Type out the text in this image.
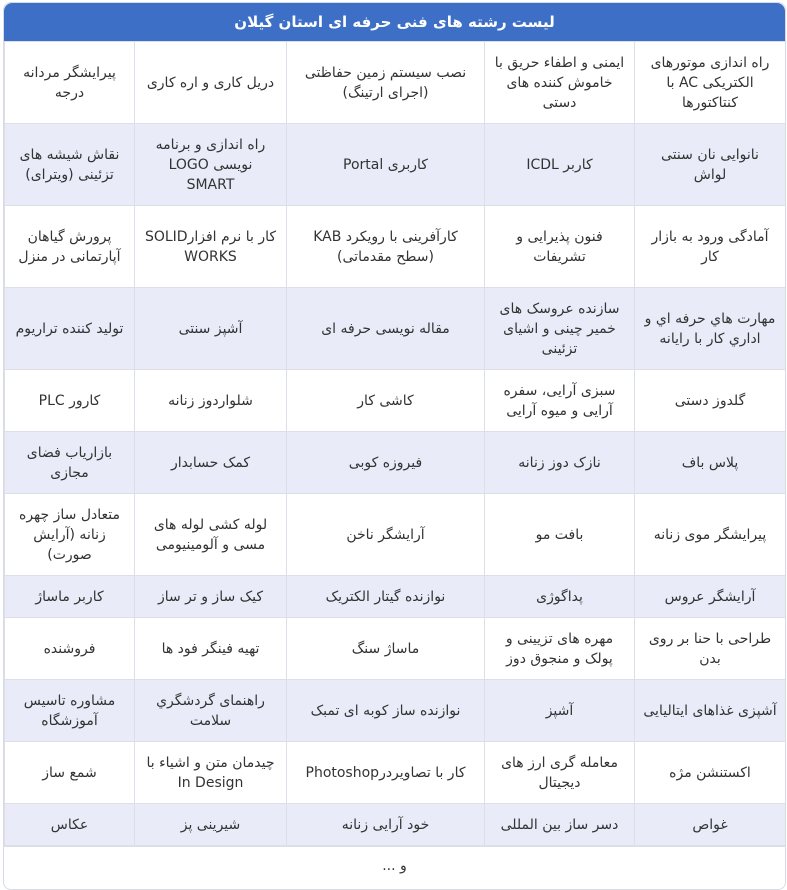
لیست رشته های فنی حرفه ای استان گیلان
راه اندازی موتورهای الکتریکی AC با کنتاکتورها	ایمنی و اطفاء حریق با خاموش کننده های دستی	نصب سیستم زمین حفاظتی (اجرای ارتینگ)	دریل کاری و اره کاری	پیرایشگر مردانه درجه
نانوایی نان سنتی لواش	کاربر ICDL	کاربری Portal	راه اندازی و برنامه نویسی LOGO SMART	نقاش شیشه های تزئینی (ویترای)
آمادگی ورود به بازار کار	فنون پذیرایی و تشریفات	کارآفرینی با رویکرد KAB (سطح مقدماتی)	کار با نرم افزارSOLID WORKS	پرورش گیاهان آپارتمانی در منزل
مهارت هاي حرفه اي و اداري كار با رايانه	سازنده عروسک های خمیر چینی و اشیای تزئینی	مقاله نویسی حرفه ای	آشپز سنتی	تولید کننده تراریوم
گلدوز دستی	سبزی آرایی، سفره آرایی و میوه آرایی	کاشی کار	شلواردوز زنانه	کارور PLC
پلاس باف	نازک دوز زنانه	فیروزه کوبی	کمک حسابدار	بازاریاب فضای مجازی
پیرایشگر موی زنانه	بافت مو	آرایشگر ناخن	لوله کشی لوله های مسی و آلومینیومی	متعادل ساز چهره زنانه (آرایش صورت)
آرایشگر عروس	پداگوژی	نوازنده گیتار الکتریک	کیک ساز و تر ساز	کاربر ماساژ
طراحی با حنا بر روی بدن	مهره های تزیینی و پولک و منجوق دوز	ماساژ سنگ	تهیه فینگر فود ها	فروشنده
آشپزی غذاهای ایتالیایی	آشپز	نوازنده ساز کوبه ای تمبک	راهنمای گردشگري سلامت	مشاوره تاسیس آموزشگاه
اکستنشن مژه	معامله گری ارز های دیجیتال	کار با تصاویردرPhotoshop	چیدمان متن و اشیاء با In Design	شمع ساز
غواص	دسر ساز بین المللی	خود آرایی زنانه	شیرینی پز	عکاس
و ...
